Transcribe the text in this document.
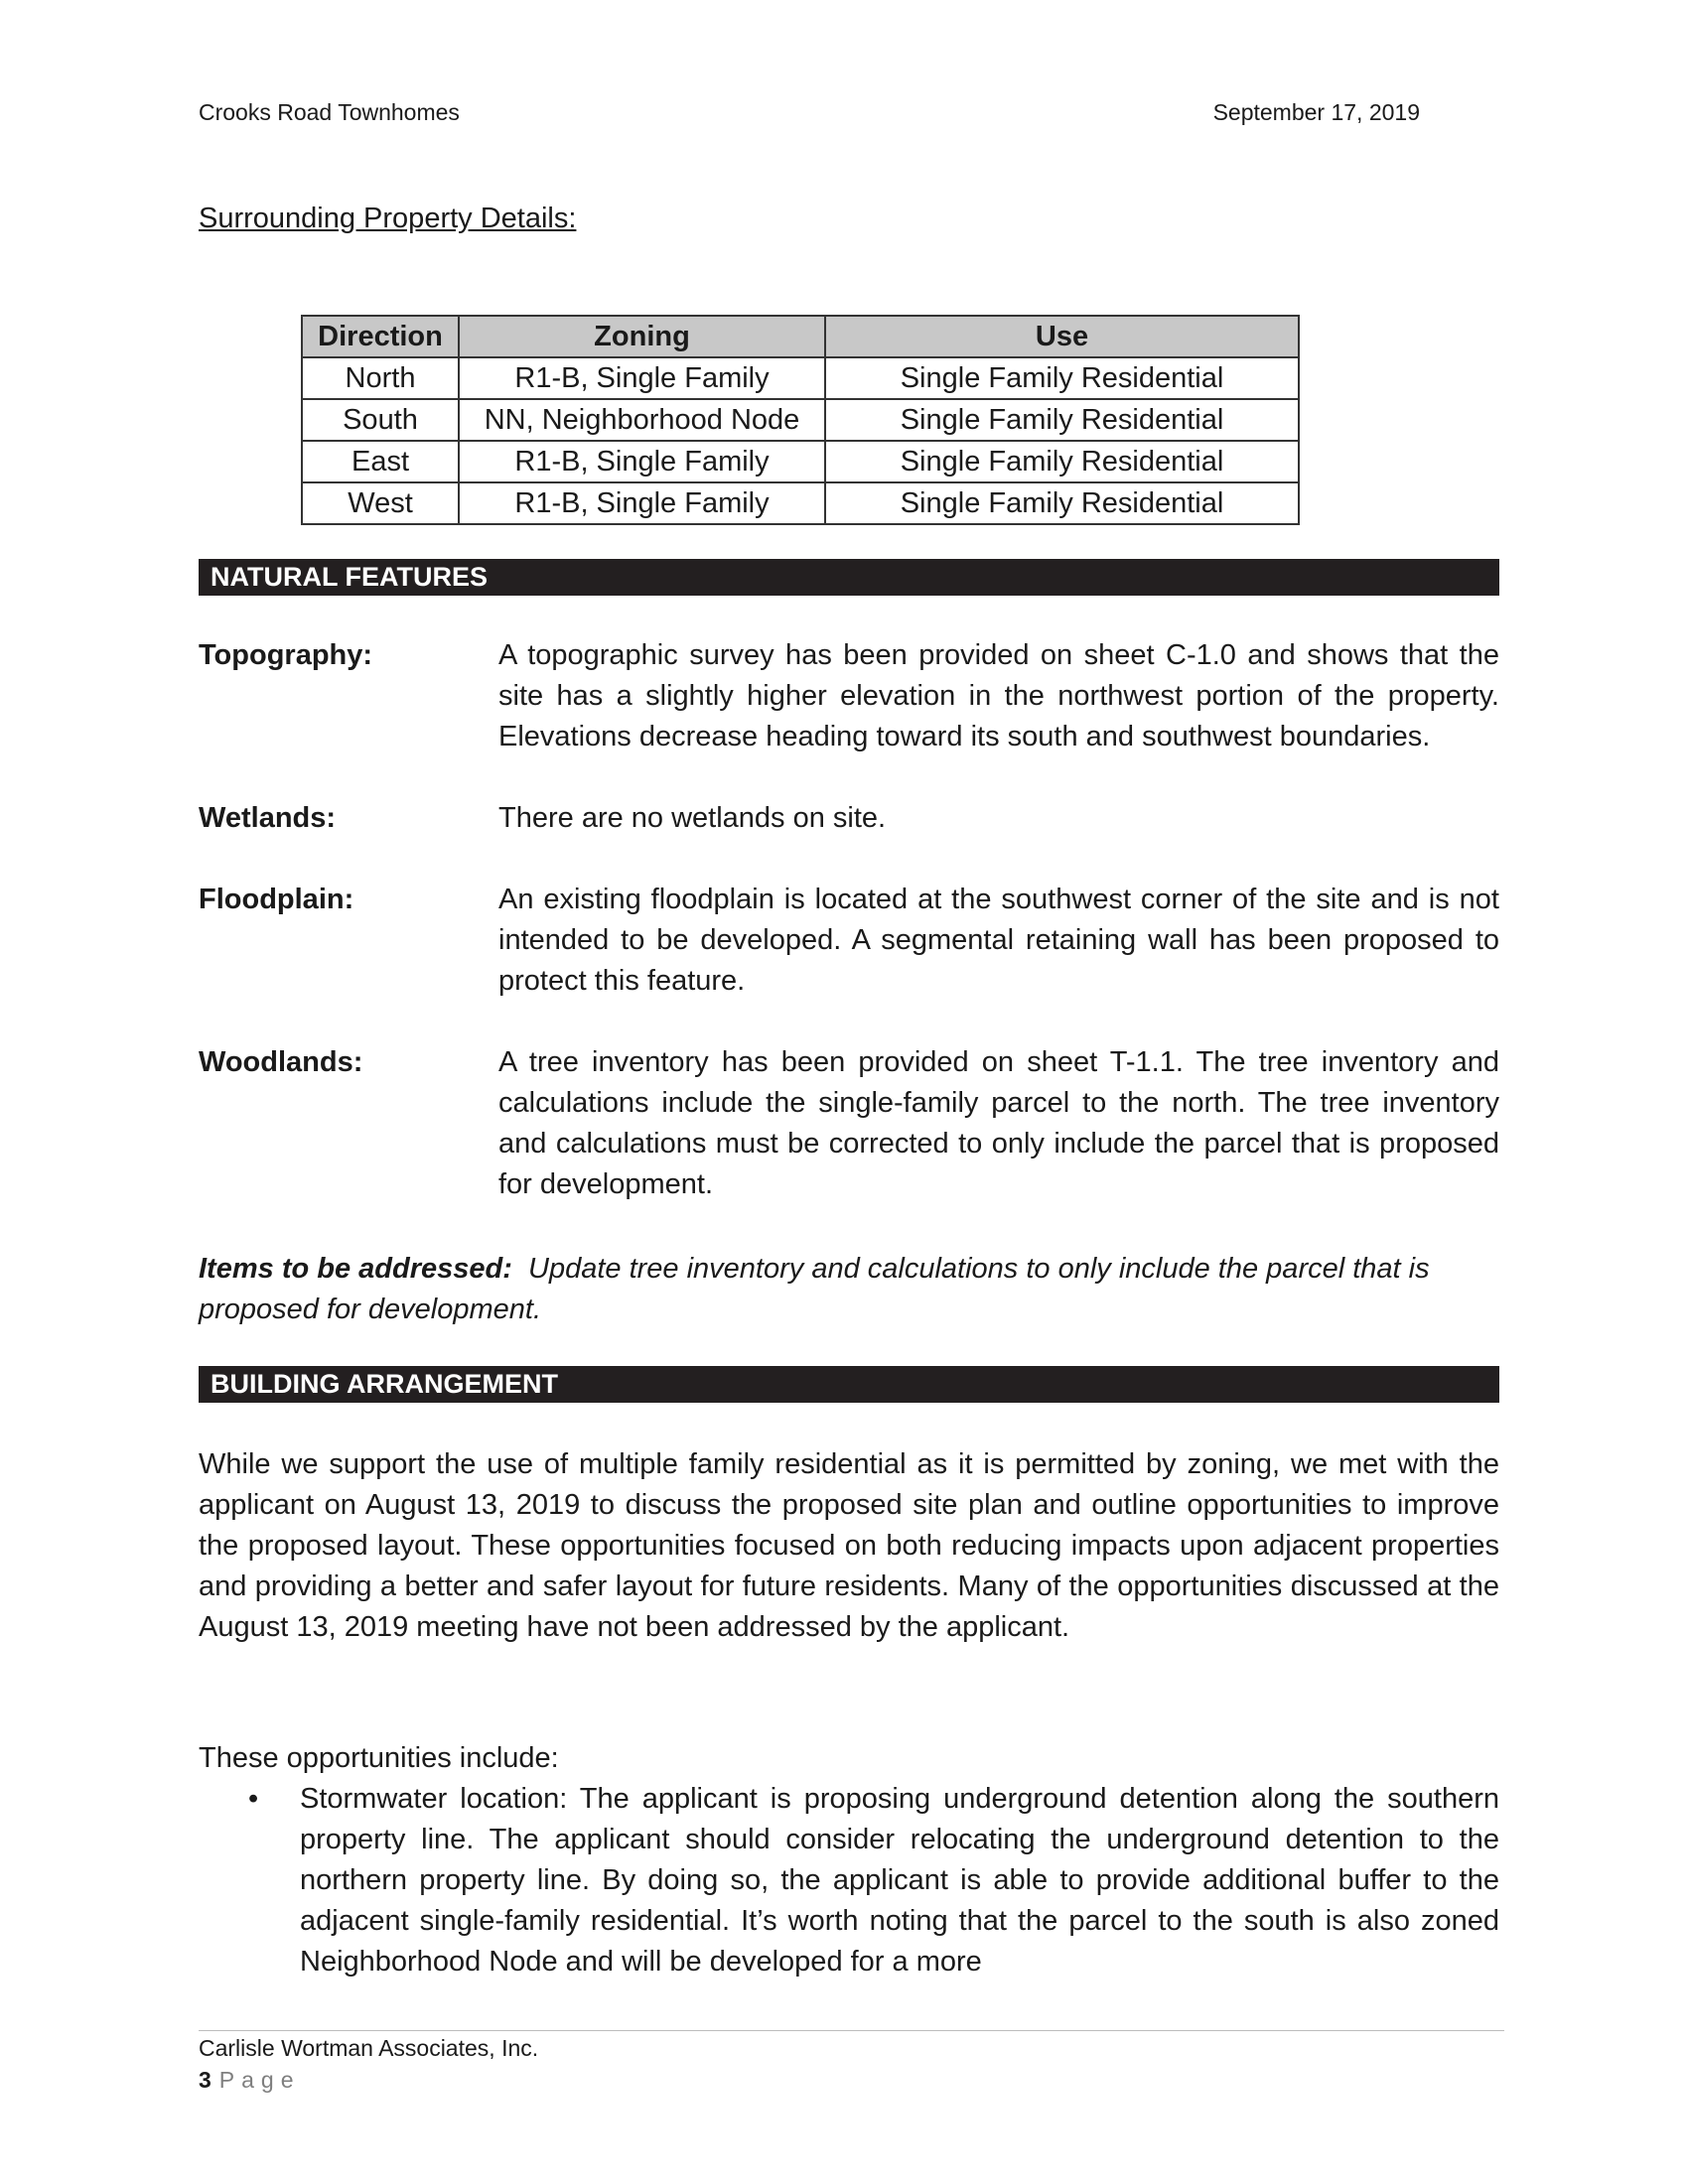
Crooks Road Townhomes	September 17, 2019
Surrounding Property Details:
Direction	Zoning	Use
North	R1-B, Single Family	Single Family Residential
South	NN, Neighborhood Node	Single Family Residential
East	R1-B, Single Family	Single Family Residential
West	R1-B, Single Family	Single Family Residential
NATURAL FEATURES
Topography:	A topographic survey has been provided on sheet C-1.0 and shows that the site has a slightly higher elevation in the northwest portion of the property. Elevations decrease heading toward its south and southwest boundaries.
Wetlands:	There are no wetlands on site.
Floodplain:	An existing floodplain is located at the southwest corner of the site and is not intended to be developed. A segmental retaining wall has been proposed to protect this feature.
Woodlands:	A tree inventory has been provided on sheet T-1.1. The tree inventory and calculations include the single-family parcel to the north. The tree inventory and calculations must be corrected to only include the parcel that is proposed for development.
Items to be addressed: Update tree inventory and calculations to only include the parcel that is proposed for development.
BUILDING ARRANGEMENT
While we support the use of multiple family residential as it is permitted by zoning, we met with the applicant on August 13, 2019 to discuss the proposed site plan and outline opportunities to improve the proposed layout. These opportunities focused on both reducing impacts upon adjacent properties and providing a better and safer layout for future residents. Many of the opportunities discussed at the August 13, 2019 meeting have not been addressed by the applicant.
These opportunities include:
• Stormwater location: The applicant is proposing underground detention along the southern property line. The applicant should consider relocating the underground detention to the northern property line. By doing so, the applicant is able to provide additional buffer to the adjacent single-family residential. It’s worth noting that the parcel to the south is also zoned Neighborhood Node and will be developed for a more
Carlisle Wortman Associates, Inc.
3 Page
